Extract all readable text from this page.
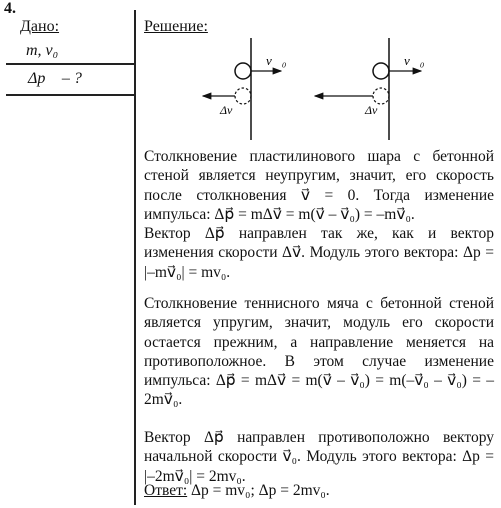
4.
Дано:
m, v₀
Δp⃗ – ?
Решение:
v⃗₀
Δv⃗
v⃗₀
Δv⃗
Столкновение пластилинового шара с бетонной стеной является неупругим, значит, его скорость после столкновения v⃗ = 0. Тогда изменение импульса: Δp⃗ = mΔv⃗ = m(v⃗ – v⃗₀) = –mv⃗₀.
Вектор Δp⃗ направлен так же, как и вектор изменения скорости Δv⃗. Модуль этого вектора: Δp = |–mv⃗₀| = mv₀.
Столкновение теннисного мяча с бетонной стеной является упругим, значит, модуль его скорости остается прежним, а направление меняется на противоположное. В этом случае изменение импульса: Δp⃗ = mΔv⃗ = m(v⃗ – v⃗₀) = m(–v⃗₀ – v⃗₀) = –2mv⃗₀.
Вектор Δp⃗ направлен противоположно вектору начальной скорости v⃗₀. Модуль этого вектора: Δp = |–2mv⃗₀| = 2mv₀.
Ответ: Δp = mv₀; Δp = 2mv₀.
